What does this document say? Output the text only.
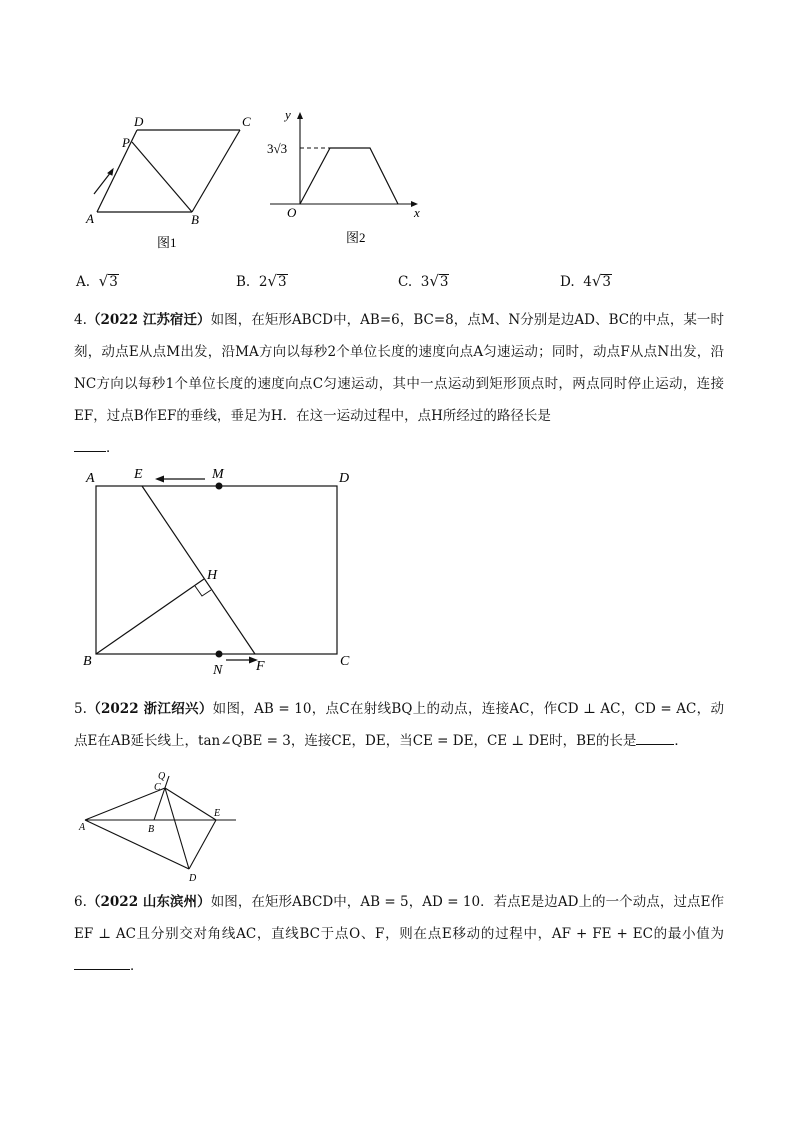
D	C
P
A	B
图1
y
x
O
3√3
图2
A. √3	B. 2√3	C. 3√3	D. 4√3
4.（2022 江苏宿迁）如图，在矩形ABCD中，AB=6，BC=8，点M、N分别是边AD、BC的中点，某一时刻，动点E从点M出发，沿MA方向以每秒2个单位长度的速度向点A匀速运动；同时，动点F从点N出发，沿NC方向以每秒1个单位长度的速度向点C匀速运动，其中一点运动到矩形顶点时，两点同时停止运动，连接EF，过点B作EF的垂线，垂足为H．在这一运动过程中，点H所经过的路径长是
．
A	E	M	D
H
B
N F	C
5.（2022 浙江绍兴）如图，AB = 10，点C在射线BQ上的动点，连接AC，作CD ⊥ AC，CD = AC，动点E在AB延长线上，tan∠QBE = 3，连接CE，DE，当CE = DE，CE ⊥ DE时，BE的长是	．
Q
C
A	B
E
D
6.（2022 山东滨州）如图，在矩形ABCD中，AB = 5，AD = 10．若点E是边AD上的一个动点，过点E作EF ⊥ AC且分别交对角线AC，直线BC于点O、F，则在点E移动的过程中，AF + FE + EC的最小值为．
